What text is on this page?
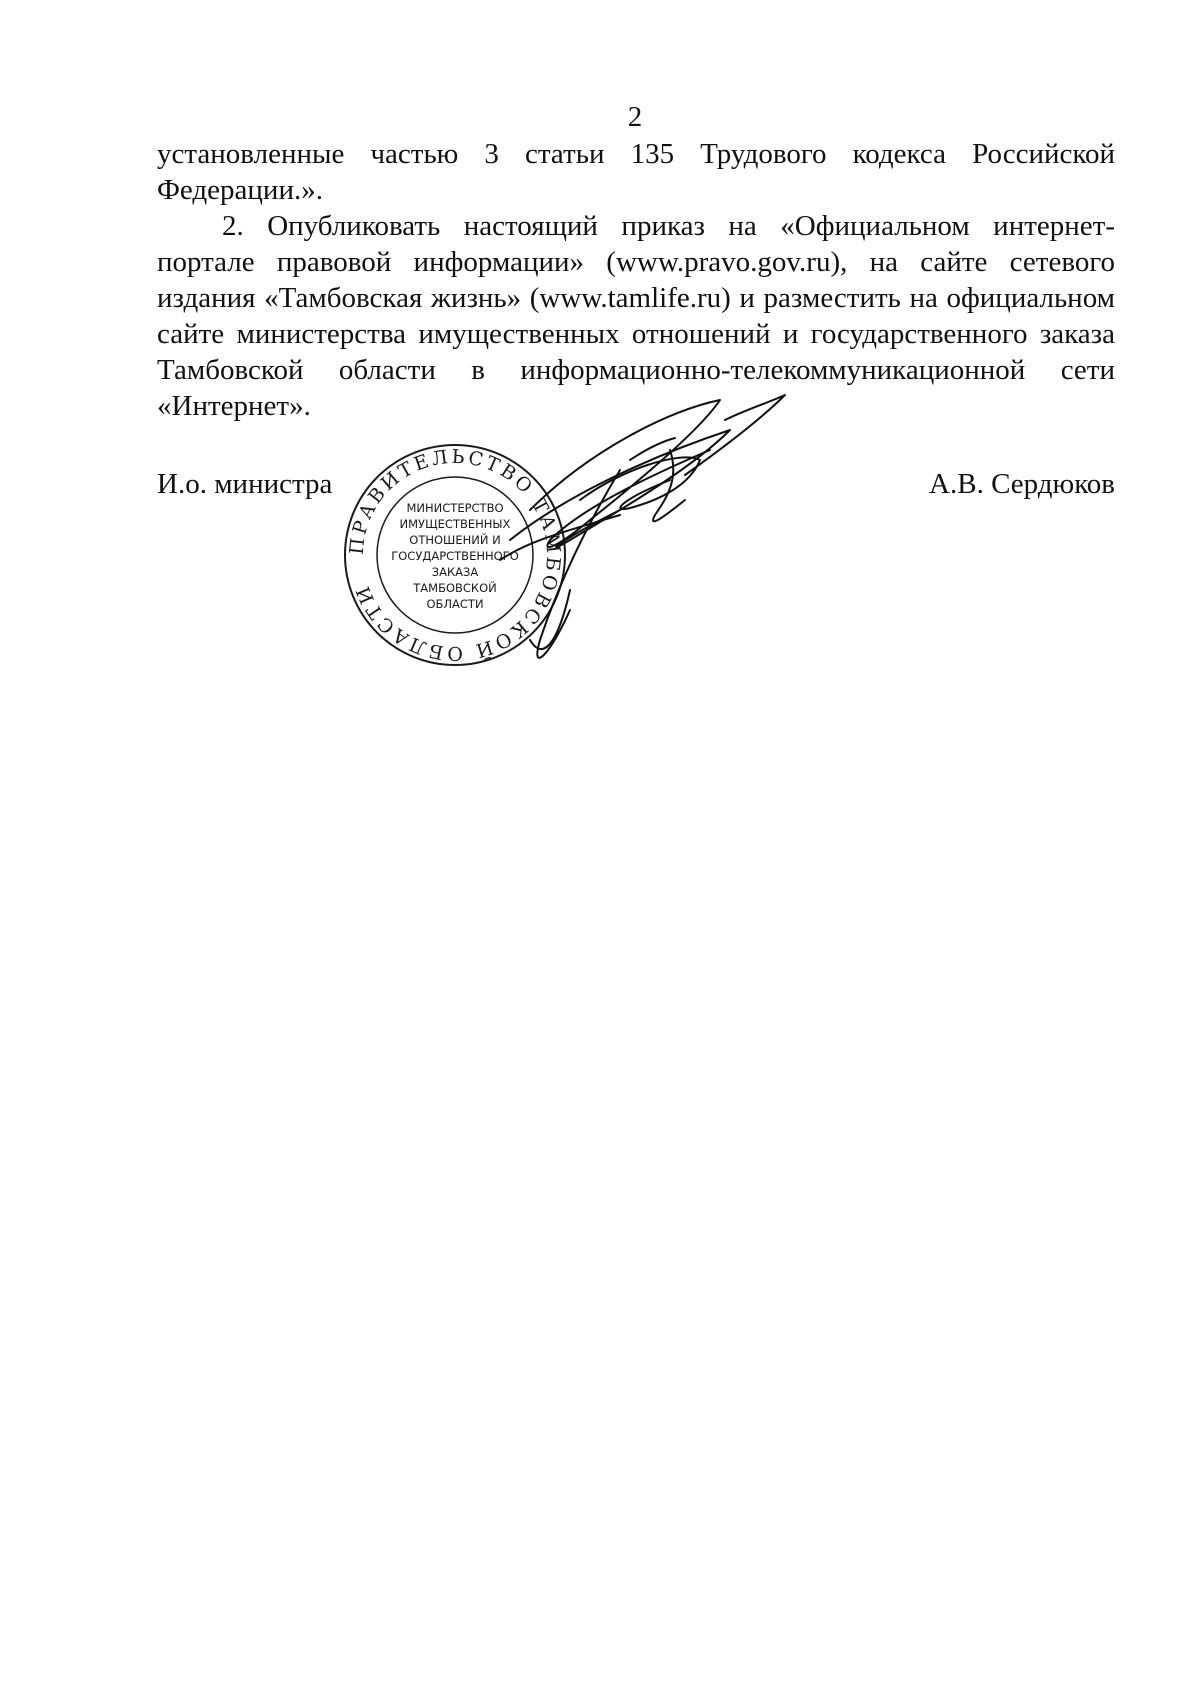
2
установленные частью 3 статьи 135 Трудового кодекса Российской
Федерации.».
2. Опубликовать настоящий приказ на «Официальном интернет-
портале правовой информации» (www.pravo.gov.ru), на сайте сетевого
издания «Тамбовская жизнь» (www.tamlife.ru) и разместить на официальном
сайте министерства имущественных отношений и государственного заказа
Тамбовской области в информационно-телекоммуникационной сети
«Интернет».
И.о. министра	А.В. Сердюков
ПРАВИТЕЛЬСТВО ТАМБОВСКОЙ ОБЛАСТИ
МИНИСТЕРСТВО
ИМУЩЕСТВЕННЫХ
ОТНОШЕНИЙ И
ГОСУДАРСТВЕННОГО
ЗАКАЗА
ТАМБОВСКОЙ
ОБЛАСТИ
